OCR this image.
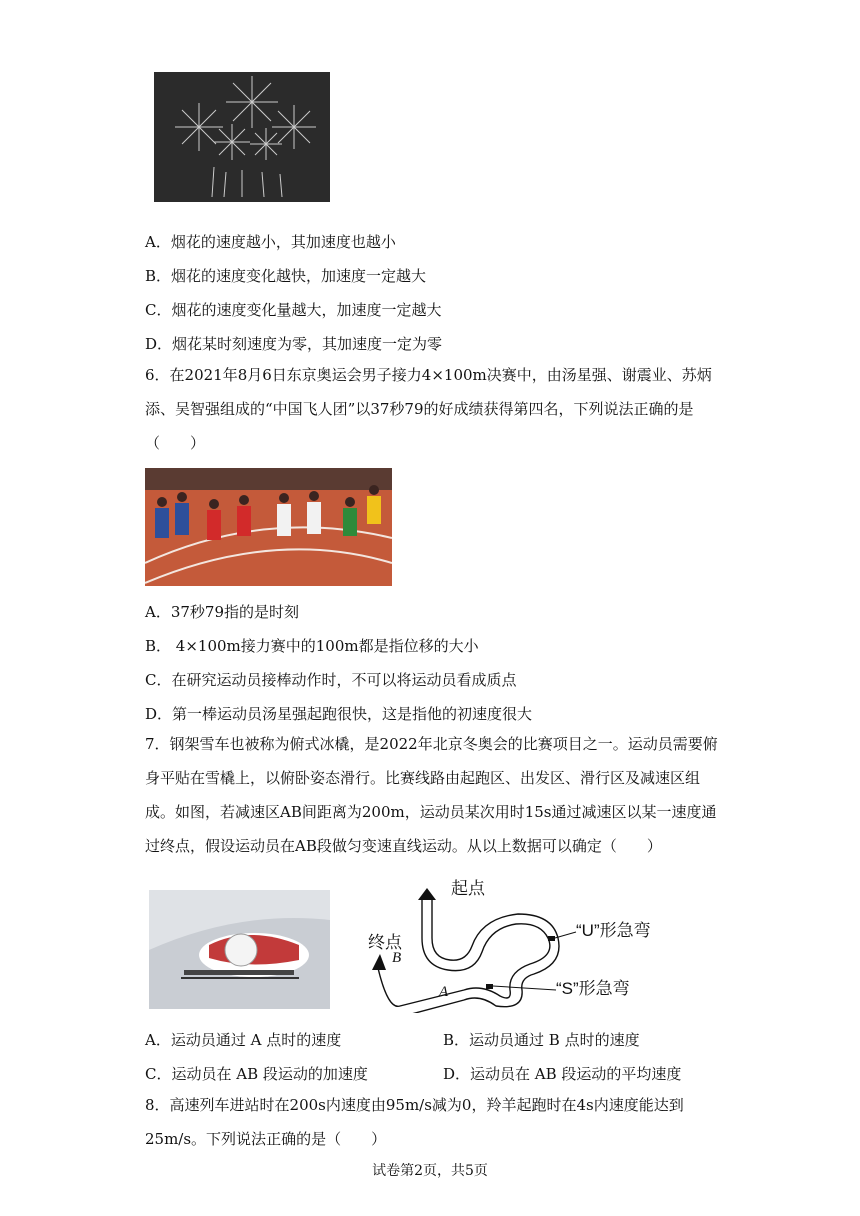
A．烟花的速度越小，其加速度也越小
B．烟花的速度变化越快，加速度一定越大
C．烟花的速度变化量越大，加速度一定越大
D．烟花某时刻速度为零，其加速度一定为零
6．在2021年8月6日东京奥运会男子接力4×100m决赛中，由汤星强、谢震业、苏炳添、吴智强组成的“中国飞人团”以37秒79的好成绩获得第四名，下列说法正确的是（　　）
A．37秒79指的是时刻
B． 4×100m接力赛中的100m都是指位移的大小
C．在研究运动员接棒动作时，不可以将运动员看成质点
D．第一棒运动员汤星强起跑很快，这是指他的初速度很大
7．钢架雪车也被称为俯式冰橇，是2022年北京冬奥会的比赛项目之一。运动员需要俯身平贴在雪橇上，以俯卧姿态滑行。比赛线路由起跑区、出发区、滑行区及减速区组成。如图，若减速区AB间距离为200m，运动员某次用时15s通过减速区以某一速度通过终点，假设运动员在AB段做匀变速直线运动。从以上数据可以确定（　　）
起点
终点
“U”形急弯
“S”形急弯
A
B
A．运动员通过 A 点时的速度	B．运动员通过 B 点时的速度
C．运动员在 AB 段运动的加速度	D．运动员在 AB 段运动的平均速度
8．高速列车进站时在200s内速度由95m/s减为0，羚羊起跑时在4s内速度能达到25m/s。下列说法正确的是（　　）
试卷第2页，共5页
